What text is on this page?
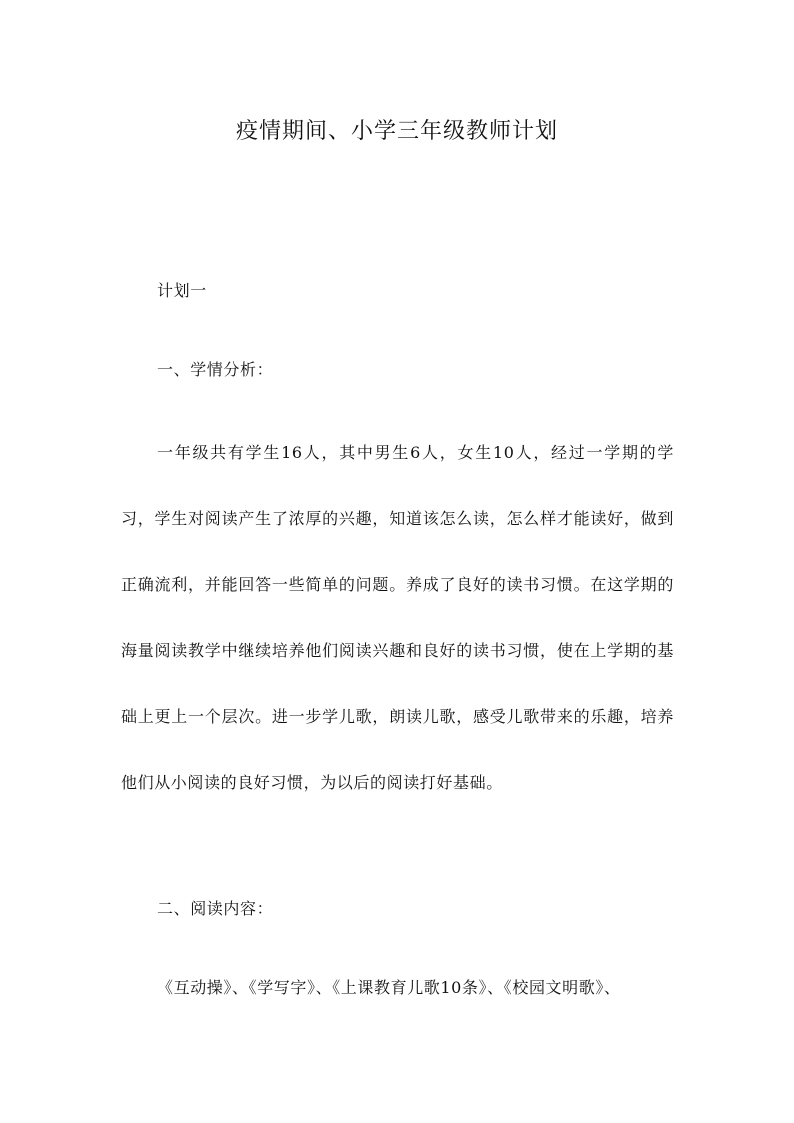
疫情期间、小学三年级教师计划
计划一
一、学情分析：
一年级共有学生16人，其中男生6人，女生10人，经过一学期的学习，学生对阅读产生了浓厚的兴趣，知道该怎么读，怎么样才能读好，做到正确流利，并能回答一些简单的问题。养成了良好的读书习惯。在这学期的海量阅读教学中继续培养他们阅读兴趣和良好的读书习惯，使在上学期的基础上更上一个层次。进一步学儿歌，朗读儿歌，感受儿歌带来的乐趣，培养他们从小阅读的良好习惯，为以后的阅读打好基础。
二、阅读内容：
《互动操》、《学写字》、《上课教育儿歌10条》、《校园文明歌》、
